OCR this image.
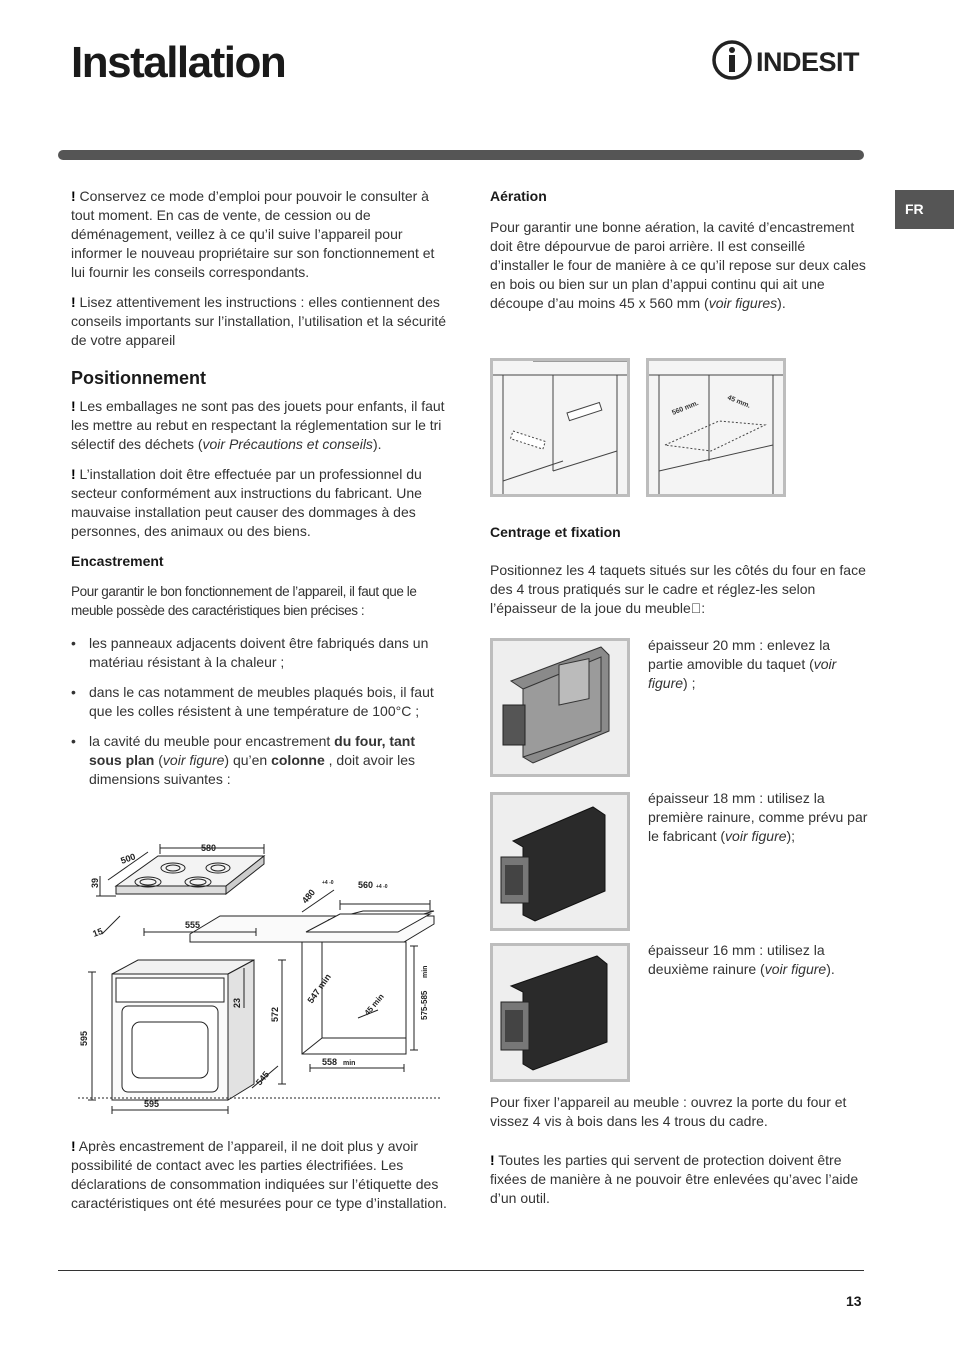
Installation	INDESIT
FR

! Conservez ce mode d’emploi pour pouvoir le consulter à tout moment. En cas de vente, de cession ou de déménagement, veillez à ce qu’il suive l’appareil pour informer le nouveau propriétaire sur son fonctionnement et lui fournir les conseils correspondants.

! Lisez attentivement les instructions : elles contiennent des conseils importants sur l’installation, l’utilisation et la sécurité de votre appareil

Positionnement

! Les emballages ne sont pas des jouets pour enfants, il faut les mettre au rebut en respectant la réglementation sur le tri sélectif des déchets (voir Précautions et conseils).

! L’installation doit être effectuée par un professionnel du secteur conformément aux instructions du fabricant. Une mauvaise installation peut causer des dommages à des personnes, des animaux ou des biens.

Encastrement

Pour garantir le bon fonctionnement de l’appareil, il faut que le meuble possède des caractéristiques bien précises :

• les panneaux adjacents doivent être fabriqués dans un matériau résistant à la chaleur ;
• dans le cas notamment de meubles plaqués bois, il faut que les colles résistent à une température de 100°C ;
• la cavité du meuble pour encastrement du four, tant sous plan (voir figure) qu’en colonne , doit avoir les dimensions suivantes :
580
500
39
15
555
480
+4 -0	560 +4 -0
23
572
547 min	45 min	575-585
min
558 min
595
545
595

! Après encastrement de l’appareil, il ne doit plus y avoir possibilité de contact avec les parties électrifiées. Les déclarations de consommation indiquées sur l’étiquette des caractéristiques ont été mesurées pour ce type d’installation.

Aération

Pour garantir une bonne aération, la cavité d’encastrement doit être dépourvue de paroi arrière. Il est conseillé d’installer le four de manière à ce qu’il repose sur deux cales en bois ou bien sur un plan d’appui continu qui ait une découpe d’au moins 45 x 560 mm (voir figures).

560 mm.	45 mm.
Centrage et fixation

Positionnez les 4 taquets situés sur les côtés du four en face des 4 trous pratiqués sur le cadre et réglez-les selon l’épaisseur de la joue du meuble :

épaisseur 20 mm : enlevez la partie amovible du taquet (voir figure) ;
épaisseur 18 mm : utilisez la première rainure, comme prévu par le fabricant (voir figure);
épaisseur 16 mm : utilisez la deuxième rainure (voir figure).

Pour fixer l’appareil au meuble : ouvrez la porte du four et vissez 4 vis à bois dans les 4 trous du cadre.

! Toutes les parties qui servent de protection doivent être fixées de manière à ne pouvoir être enlevées qu’avec l’aide d’un outil.

13
